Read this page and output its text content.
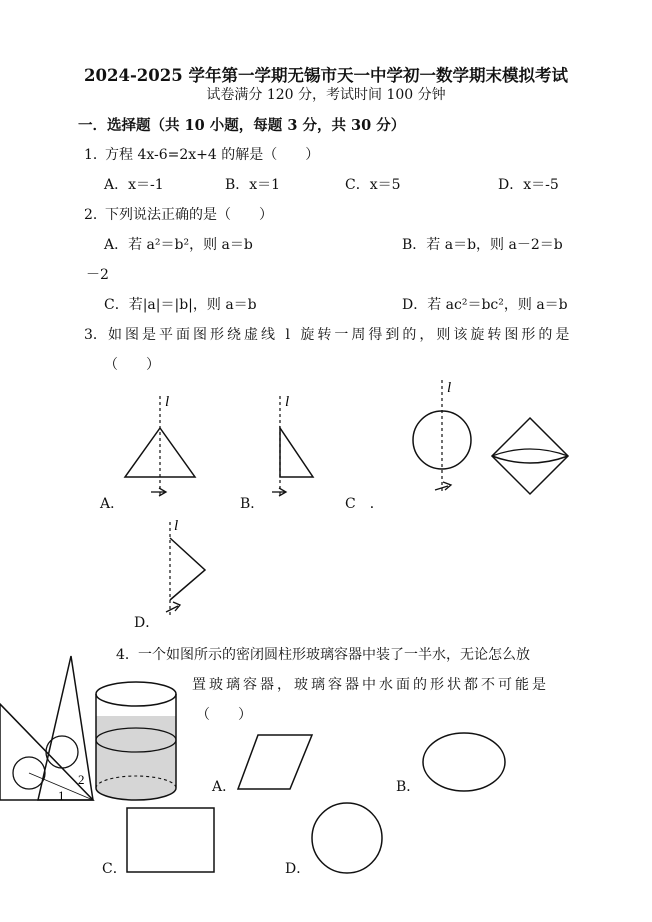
2024-2025 学年第一学期无锡市天一中学初一数学期末模拟考试
试卷满分 120 分，考试时间 100 分钟
一．选择题（共 10 小题，每题 3 分，共 30 分）
1．
方程 4x-6=2x+4 的解是（　　）
A．x＝-1	B．x＝1	C．x＝5	D．x＝-5
2．
下列说法正确的是（　　）
A．若 a²＝b²，则 a＝b	B．若 a＝b，则 a－2＝b
－2
C．若|a|＝|b|，则 a＝b	D．若 ac²＝bc²，则 a＝b
3． 如图是平面图形绕虚线 l 旋转一周得到的，则该旋转图形的是
（　　）
l
A．
l
B．
l
C　．
l
D．
4． 一个如图所示的密闭圆柱形玻璃容器中装了一半水，无论怎么放
置玻璃容器，玻璃容器中水面的形状都不可能是
（　　）
1
2	A．	B．
C．	D．
